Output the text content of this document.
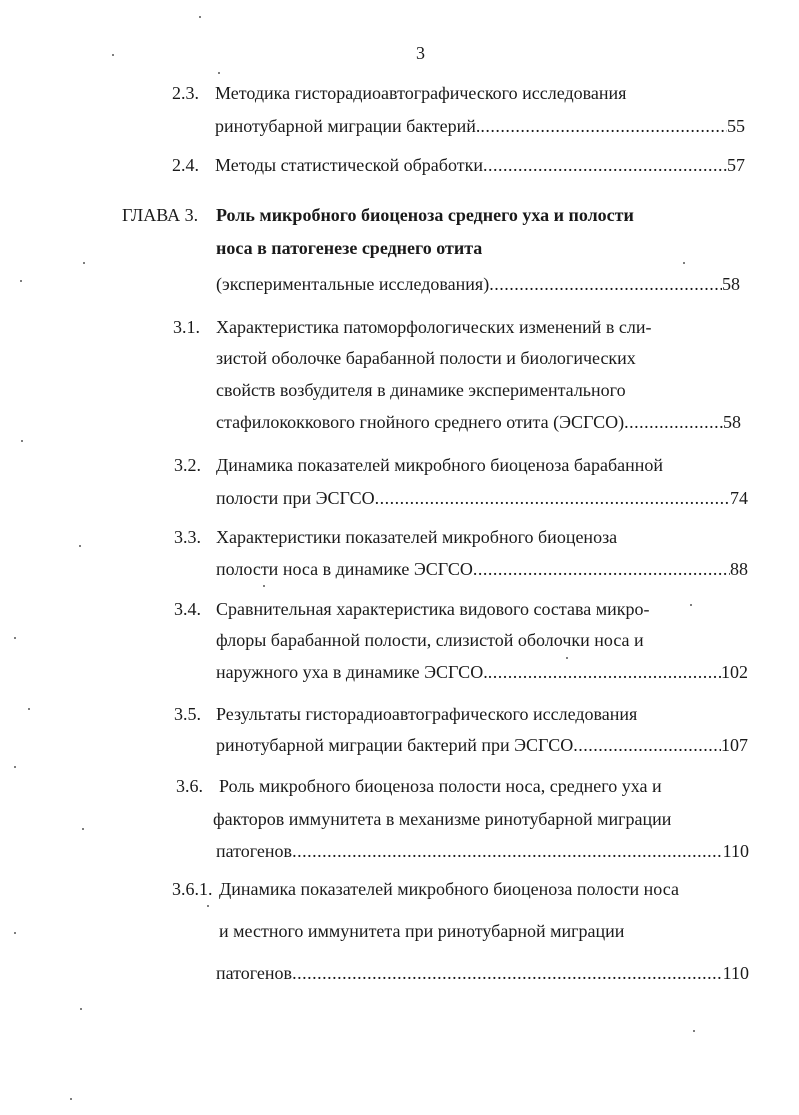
3
2.3. Методика гисторадиоавтографического исследования
ринотубарной миграции бактерий. .....	55
2.4. Методы статистической обработки .....	57
ГЛАВА 3. Роль микробного биоценоза среднего уха и полости
носа в патогенезе среднего отита
(экспериментальные исследования) .....	58
3.1. Характеристика патоморфологических изменений в сли-
зистой оболочке барабанной полости и биологических
свойств возбудителя в динамике экспериментального
стафилококкового гнойного среднего отита (ЭСГСО) .....	58
3.2. Динамика показателей микробного биоценоза барабанной
полости при ЭСГСО .....	74
3.3. Характеристики показателей микробного биоценоза
полости носа в динамике ЭСГСО .....	88
3.4. Сравнительная характеристика видового состава микро-
флоры барабанной полости, слизистой оболочки носа и
наружного уха в динамике ЭСГСО. .....	102
3.5. Результаты гисторадиоавтографического исследования
ринотубарной миграции бактерий при ЭСГСО .....	107
3.6. Роль микробного биоценоза полости носа, среднего уха и
факторов иммунитета в механизме ринотубарной миграции
патогенов .....	110
3.6.1. Динамика показателей микробного биоценоза полости носа
и местного иммунитета при ринотубарной миграции
патогенов .....	110
